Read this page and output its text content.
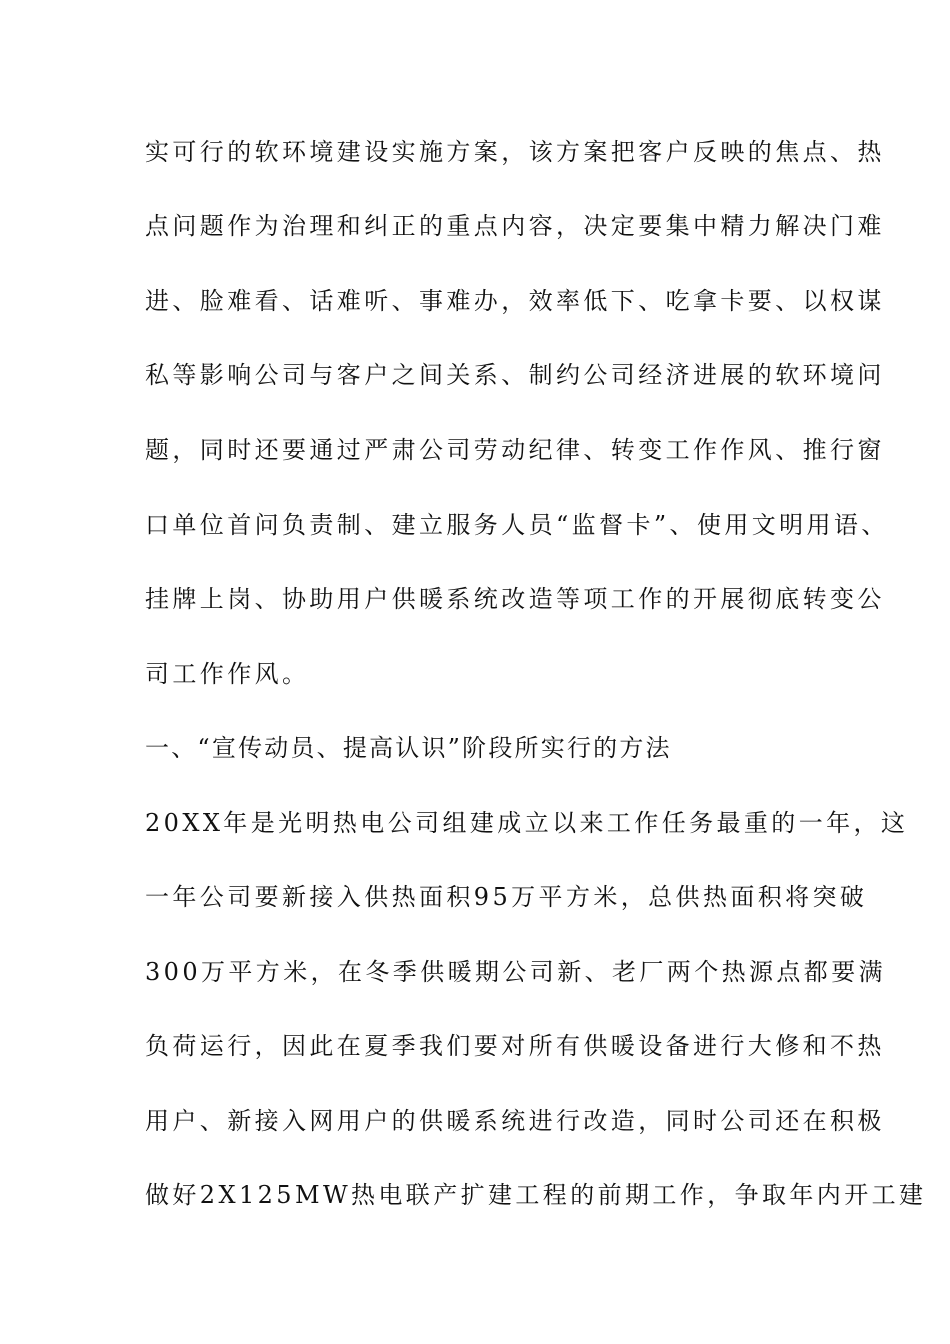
实可行的软环境建设实施方案，该方案把客户反映的焦点、热
点问题作为治理和纠正的重点内容，决定要集中精力解决门难
进、脸难看、话难听、事难办，效率低下、吃拿卡要、以权谋
私等影响公司与客户之间关系、制约公司经济进展的软环境问
题，同时还要通过严肃公司劳动纪律、转变工作作风、推行窗
口单位首问负责制、建立服务人员“监督卡”、使用文明用语、
挂牌上岗、协助用户供暖系统改造等项工作的开展彻底转变公
司工作作风。
一、“宣传动员、提高认识”阶段所实行的方法
20XX年是光明热电公司组建成立以来工作任务最重的一年，这
一年公司要新接入供热面积95万平方米，总供热面积将突破
300万平方米，在冬季供暖期公司新、老厂两个热源点都要满
负荷运行，因此在夏季我们要对所有供暖设备进行大修和不热
用户、新接入网用户的供暖系统进行改造，同时公司还在积极
做好2X125MW热电联产扩建工程的前期工作，争取年内开工建
